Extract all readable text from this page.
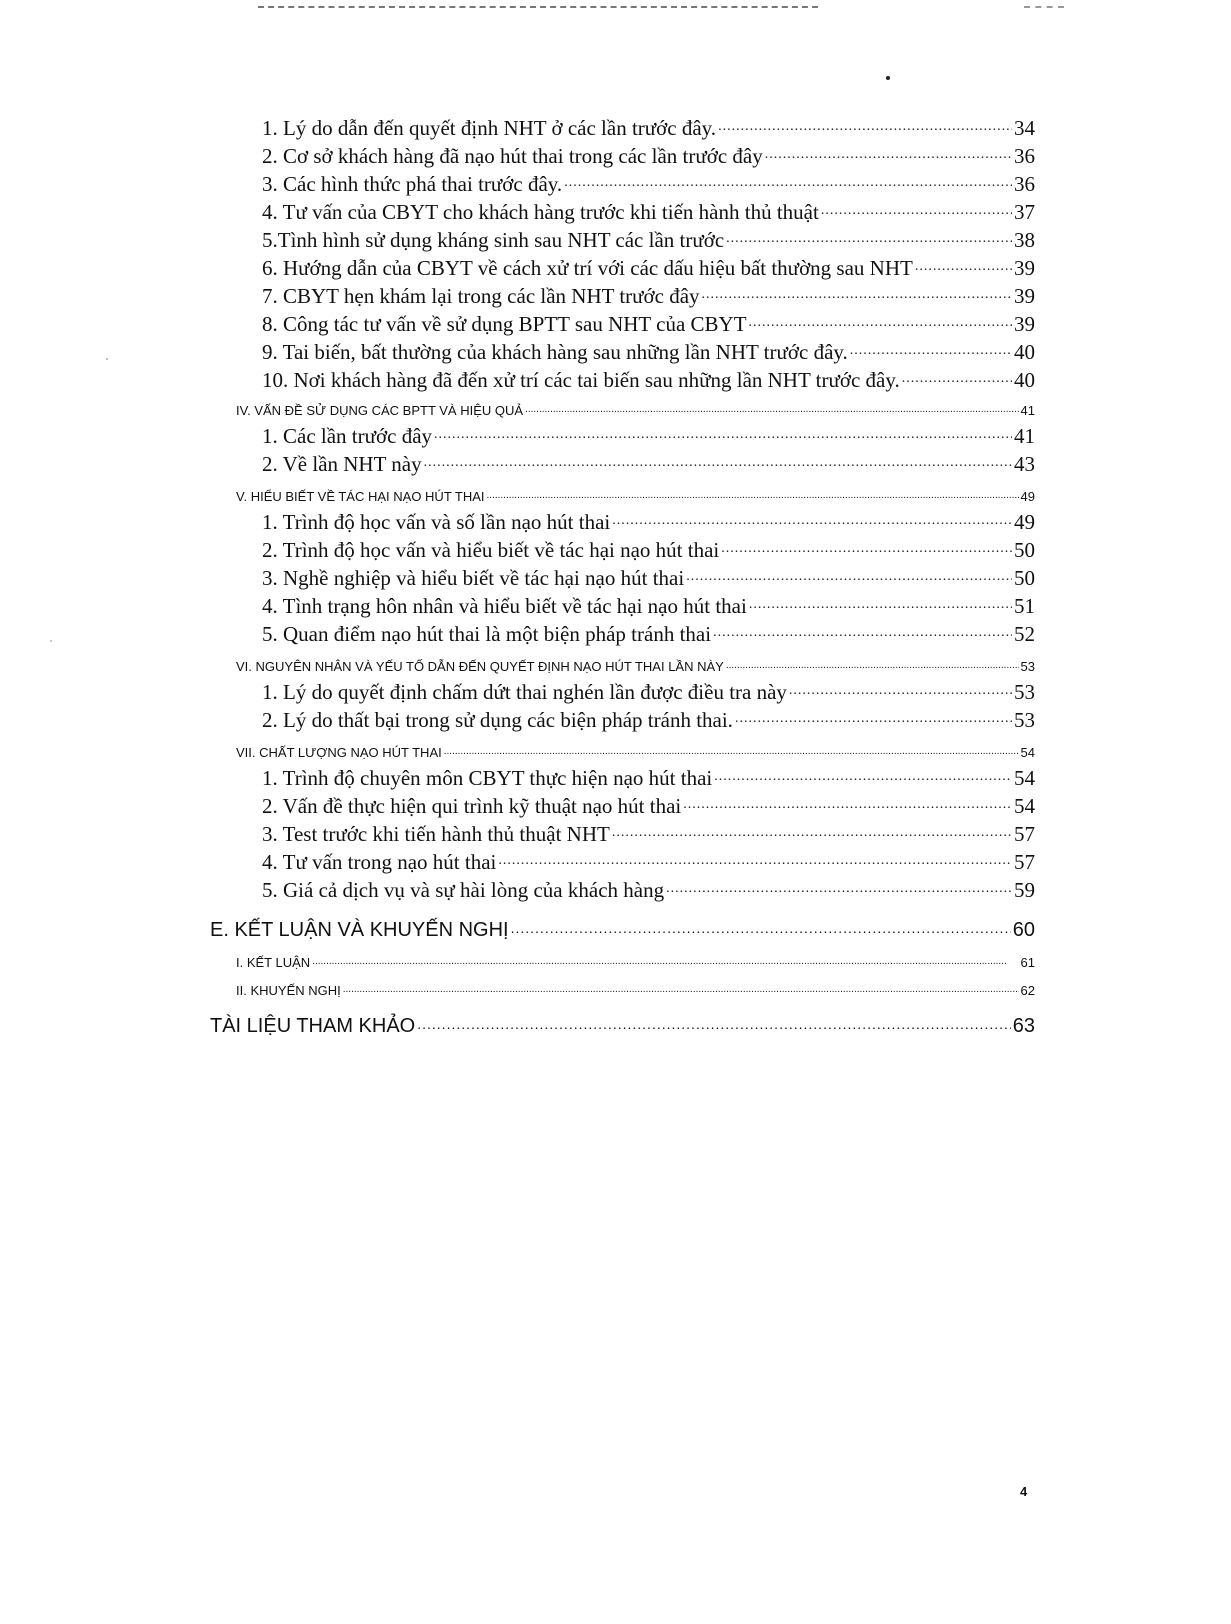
1. Lý do dẫn đến quyết định NHT ở các lần trước đây. .....	34
2. Cơ sở khách hàng đã nạo hút thai trong các lần trước đây .....	36
3. Các hình thức phá thai trước đây. .....	36
4. Tư vấn của CBYT cho khách hàng trước khi tiến hành thủ thuật .....	37
5.Tình hình sử dụng kháng sinh sau NHT các lần trước .....	38
6. Hướng dẫn của CBYT về cách xử trí với các dấu hiệu bất thường sau NHT .....	39
7. CBYT hẹn khám lại trong các lần NHT trước đây .....	39
8. Công tác tư vấn về sử dụng BPTT sau NHT của CBYT .....	39
9. Tai biến, bất thường của khách hàng sau những lần NHT trước đây. .....	40
10. Nơi khách hàng đã đến xử trí các tai biến sau những lần NHT trước đây. .....	40
IV. VẤN ĐỀ SỬ DỤNG CÁC BPTT VÀ HIỆU QUẢ .....	41
1. Các lần trước đây .....	41
2. Về lần NHT này .....	43
V. HIỂU BIẾT VỀ TÁC HẠI NẠO HÚT THAI .....	49
1. Trình độ học vấn và số lần nạo hút thai .....	49
2. Trình độ học vấn và hiểu biết về tác hại nạo hút thai .....	50
3. Nghề nghiệp và hiểu biết về tác hại nạo hút thai .....	50
4. Tình trạng hôn nhân và hiểu biết về tác hại nạo hút thai .....	51
5. Quan điểm nạo hút thai là một biện pháp tránh thai .....	52
VI. NGUYÊN NHÂN VÀ YẾU TỐ DẪN ĐẾN QUYẾT ĐỊNH NẠO HÚT THAI LẦN NÀY .....	53
1. Lý do quyết định chấm dứt thai nghén lần được điều tra này .....	53
2. Lý do thất bại trong sử dụng các biện pháp tránh thai. .....	53
VII. CHẤT LƯỢNG NẠO HÚT THAI .....	54
1. Trình độ chuyên môn CBYT thực hiện nạo hút thai .....	54
2. Vấn đề thực hiện qui trình kỹ thuật nạo hút thai .....	54
3. Test trước khi tiến hành thủ thuật NHT .....	57
4. Tư vấn trong nạo hút thai .....	57
5. Giá cả dịch vụ và sự hài lòng của khách hàng .....	59
E. KẾT LUẬN VÀ KHUYẾN NGHỊ .....	60
I. KẾT LUẬN .....	61
II. KHUYẾN NGHỊ .....	62
TÀI LIỆU THAM KHẢO .....	63
4
